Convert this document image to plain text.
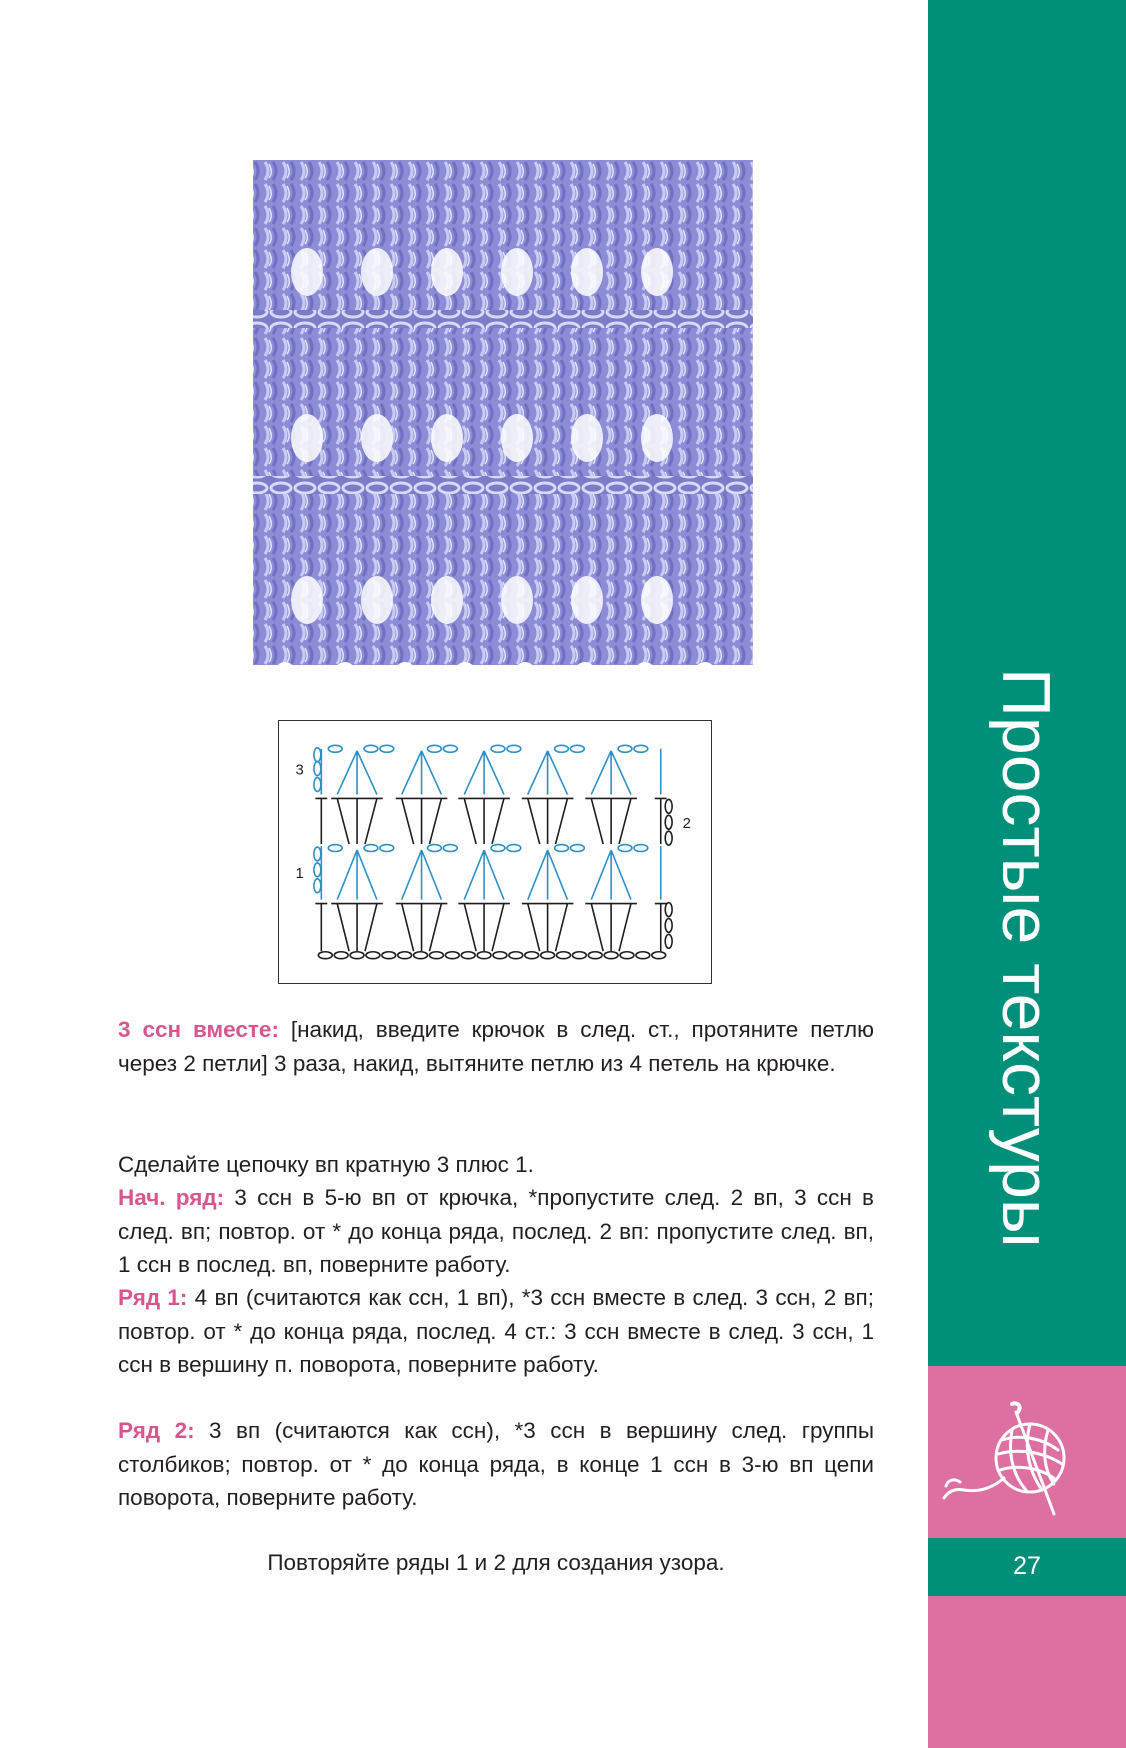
Простые текстуры
27
3
2
1

3 ссн вместе: [накид, введите крючок в след. ст., протяните петлю через 2 петли] 3 раза, накид, вытяните петлю из 4 петель на крючке.

Сделайте цепочку вп кратную 3 плюс 1.

Нач. ряд: 3 ссн в 5-ю вп от крючка, *пропустите след. 2 вп, 3 ссн в след. вп; повтор. от * до конца ряда, послед. 2 вп: пропустите след. вп, 1 ссн в послед. вп, поверните работу.

Ряд 1: 4 вп (считаются как ссн, 1 вп), *3 ссн вместе в след. 3 ссн, 2 вп; повтор. от * до конца ряда, послед. 4 ст.: 3 ссн вместе в след. 3 ссн, 1 ссн в вершину п. поворота, поверните работу.

Ряд 2: 3 вп (считаются как ссн), *3 ссн в вершину след. группы столбиков; повтор. от * до конца ряда, в конце 1 ссн в 3-ю вп цепи поворота, поверните работу.

Повторяйте ряды 1 и 2 для создания узора.
